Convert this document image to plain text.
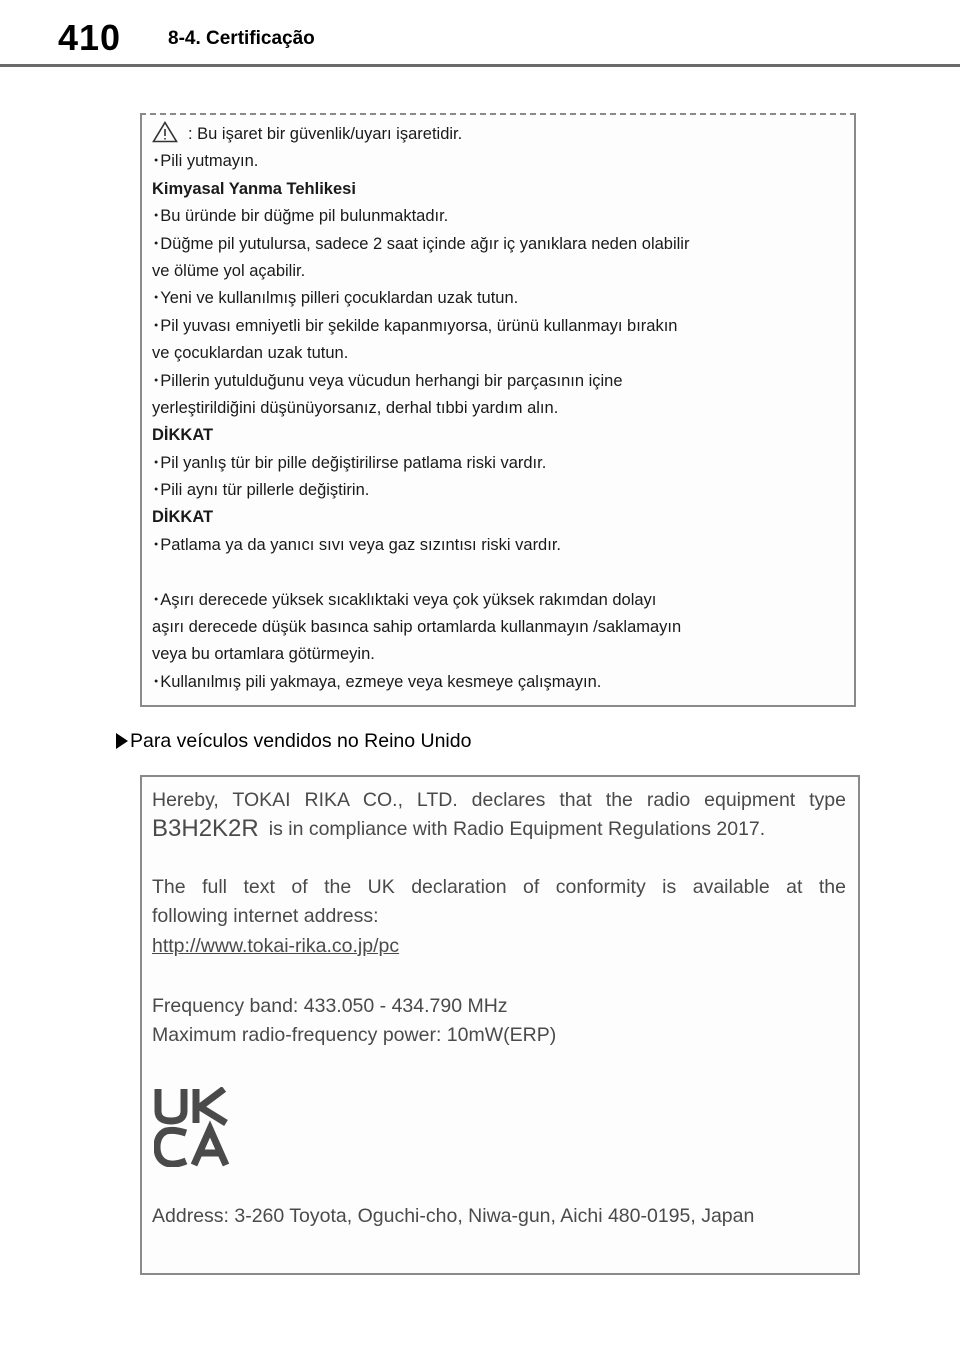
410 8-4. Certificação
: Bu işaret bir güvenlik/uyarı işaretidir.
･Pili yutmayın.
Kimyasal Yanma Tehlikesi
･Bu üründe bir düğme pil bulunmaktadır.
･Düğme pil yutulursa, sadece 2 saat içinde ağır iç yanıklara neden olabilir
ve ölüme yol açabilir.
･Yeni ve kullanılmış pilleri çocuklardan uzak tutun.
･Pil yuvası emniyetli bir şekilde kapanmıyorsa, ürünü kullanmayı bırakın
ve çocuklardan uzak tutun.
･Pillerin yutulduğunu veya vücudun herhangi bir parçasının içine
yerleştirildiğini düşünüyorsanız, derhal tıbbi yardım alın.
DİKKAT
･Pil yanlış tür bir pille değiştirilirse patlama riski vardır.
･Pili aynı tür pillerle değiştirin.
DİKKAT
･Patlama ya da yanıcı sıvı veya gaz sızıntısı riski vardır.
･Aşırı derecede yüksek sıcaklıktaki veya çok yüksek rakımdan dolayı
aşırı derecede düşük basınca sahip ortamlarda kullanmayın /saklamayın
veya bu ortamlara götürmeyin.
･Kullanılmış pili yakmaya, ezmeye veya kesmeye çalışmayın.
Para veículos vendidos no Reino Unido
Hereby, TOKAI RIKA CO., LTD. declares that the radio equipment type
B3H2K2R is in compliance with Radio Equipment Regulations 2017.
The full text of the UK declaration of conformity is available at the
following internet address:
http://www.tokai-rika.co.jp/pc
Frequency band: 433.050 - 434.790 MHz
Maximum radio-frequency power: 10mW(ERP)
Address: 3-260 Toyota, Oguchi-cho, Niwa-gun, Aichi 480-0195, Japan
